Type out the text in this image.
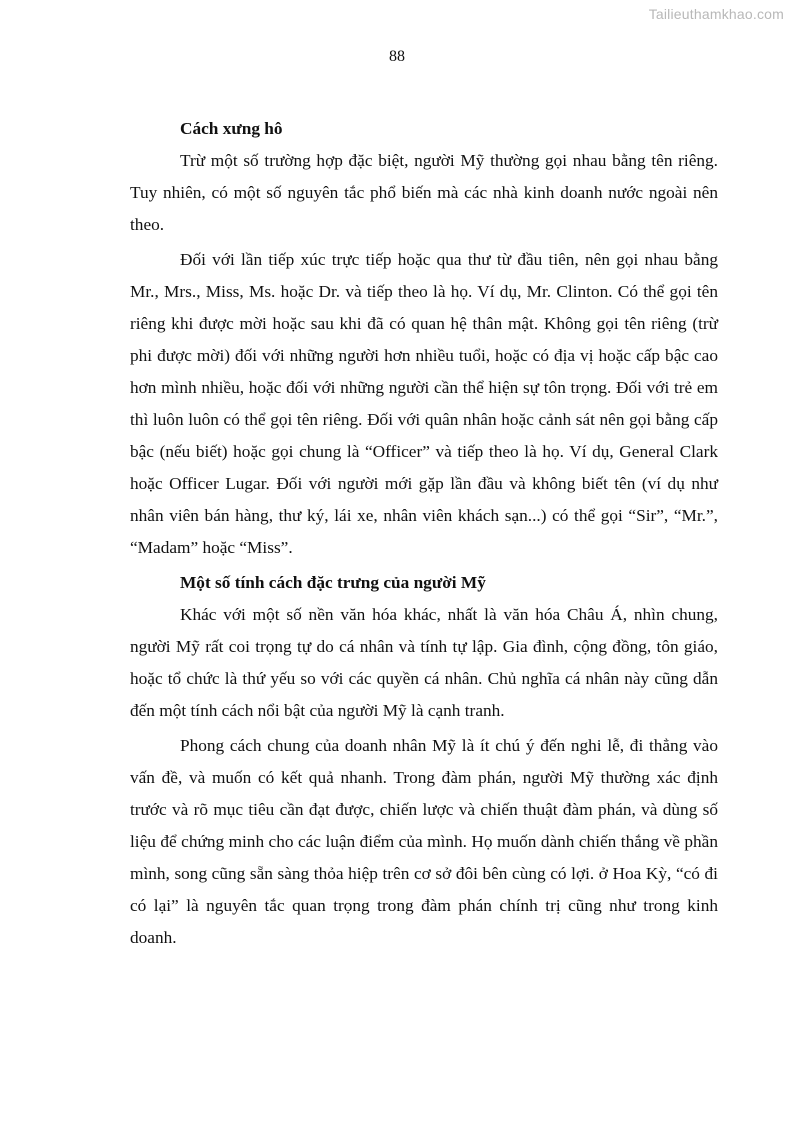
Tailieuthamkhao.com
88

Cách xưng hô

Trừ một số trường hợp đặc biệt, người Mỹ thường gọi nhau bằng tên riêng. Tuy nhiên, có một số nguyên tắc phổ biến mà các nhà kinh doanh nước ngoài nên theo.

Đối với lần tiếp xúc trực tiếp hoặc qua thư từ đầu tiên, nên gọi nhau bằng Mr., Mrs., Miss, Ms. hoặc Dr. và tiếp theo là họ. Ví dụ, Mr. Clinton. Có thể gọi tên riêng khi được mời hoặc sau khi đã có quan hệ thân mật. Không gọi tên riêng (trừ phi được mời) đối với những người hơn nhiều tuổi, hoặc có địa vị hoặc cấp bậc cao hơn mình nhiều, hoặc đối với những người cần thể hiện sự tôn trọng. Đối với trẻ em thì luôn luôn có thể gọi tên riêng. Đối với quân nhân hoặc cảnh sát nên gọi bằng cấp bậc (nếu biết) hoặc gọi chung là “Officer” và tiếp theo là họ. Ví dụ, General Clark hoặc Officer Lugar. Đối với người mới gặp lần đầu và không biết tên (ví dụ như nhân viên bán hàng, thư ký, lái xe, nhân viên khách sạn...) có thể gọi “Sir”, “Mr.”, “Madam” hoặc “Miss”.

Một số tính cách đặc trưng của người Mỹ

Khác với một số nền văn hóa khác, nhất là văn hóa Châu Á, nhìn chung, người Mỹ rất coi trọng tự do cá nhân và tính tự lập. Gia đình, cộng đồng, tôn giáo, hoặc tổ chức là thứ yếu so với các quyền cá nhân. Chủ nghĩa cá nhân này cũng dẫn đến một tính cách nổi bật của người Mỹ là cạnh tranh.

Phong cách chung của doanh nhân Mỹ là ít chú ý đến nghi lễ, đi thẳng vào vấn đề, và muốn có kết quả nhanh. Trong đàm phán, người Mỹ thường xác định trước và rõ mục tiêu cần đạt được, chiến lược và chiến thuật đàm phán, và dùng số liệu để chứng minh cho các luận điểm của mình. Họ muốn dành chiến thắng về phần mình, song cũng sẵn sàng thỏa hiệp trên cơ sở đôi bên cùng có lợi. ở Hoa Kỳ, “có đi có lại” là nguyên tắc quan trọng trong đàm phán chính trị cũng như trong kinh doanh.
